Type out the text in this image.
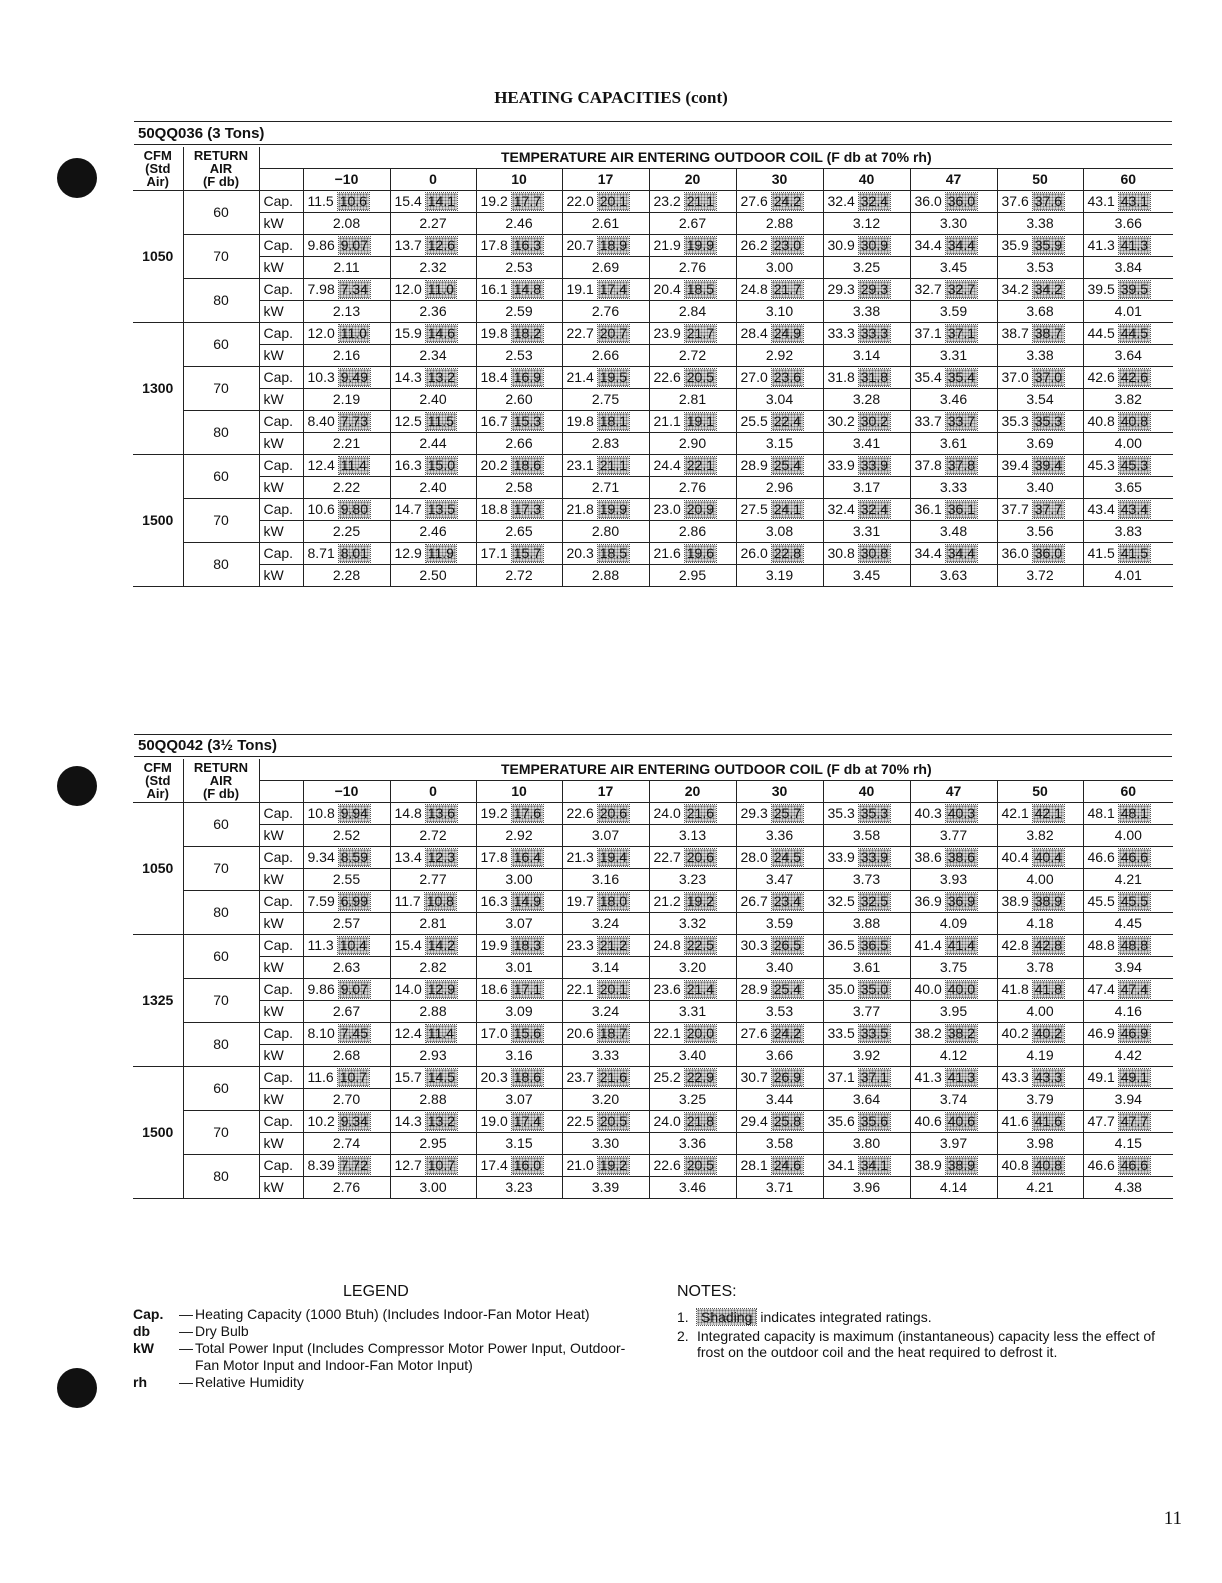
HEATING CAPACITIES (cont)
50QQ036 (3 Tons)
CFM
(Std
Air)	RETURN
AIR
(F db)	TEMPERATURE AIR ENTERING OUTDOOR COIL (F db at 70% rh)										
			−10	0	10	17	20	30	40	47	50	60
1050	60	Cap.	11.5 10.6	15.4 14.1	19.2 17.7	22.0 20.1	23.2 21.1	27.6 24.2	32.4 32.4	36.0 36.0	37.6 37.6	43.1 43.1
		kW	2.08	2.27	2.46	2.61	2.67	2.88	3.12	3.30	3.38	3.66
	70	Cap.	9.86 9.07	13.7 12.6	17.8 16.3	20.7 18.9	21.9 19.9	26.2 23.0	30.9 30.9	34.4 34.4	35.9 35.9	41.3 41.3
		kW	2.11	2.32	2.53	2.69	2.76	3.00	3.25	3.45	3.53	3.84
	80	Cap.	7.98 7.34	12.0 11.0	16.1 14.8	19.1 17.4	20.4 18.5	24.8 21.7	29.3 29.3	32.7 32.7	34.2 34.2	39.5 39.5
		kW	2.13	2.36	2.59	2.76	2.84	3.10	3.38	3.59	3.68	4.01
1300	60	Cap.	12.0 11.0	15.9 14.6	19.8 18.2	22.7 20.7	23.9 21.7	28.4 24.9	33.3 33.3	37.1 37.1	38.7 38.7	44.5 44.5
		kW	2.16	2.34	2.53	2.66	2.72	2.92	3.14	3.31	3.38	3.64
	70	Cap.	10.3 9.49	14.3 13.2	18.4 16.9	21.4 19.5	22.6 20.5	27.0 23.6	31.8 31.8	35.4 35.4	37.0 37.0	42.6 42.6
		kW	2.19	2.40	2.60	2.75	2.81	3.04	3.28	3.46	3.54	3.82
	80	Cap.	8.40 7.73	12.5 11.5	16.7 15.3	19.8 18.1	21.1 19.1	25.5 22.4	30.2 30.2	33.7 33.7	35.3 35.3	40.8 40.8
		kW	2.21	2.44	2.66	2.83	2.90	3.15	3.41	3.61	3.69	4.00
1500	60	Cap.	12.4 11.4	16.3 15.0	20.2 18.6	23.1 21.1	24.4 22.1	28.9 25.4	33.9 33.9	37.8 37.8	39.4 39.4	45.3 45.3
		kW	2.22	2.40	2.58	2.71	2.76	2.96	3.17	3.33	3.40	3.65
	70	Cap.	10.6 9.80	14.7 13.5	18.8 17.3	21.8 19.9	23.0 20.9	27.5 24.1	32.4 32.4	36.1 36.1	37.7 37.7	43.4 43.4
		kW	2.25	2.46	2.65	2.80	2.86	3.08	3.31	3.48	3.56	3.83
	80	Cap.	8.71 8.01	12.9 11.9	17.1 15.7	20.3 18.5	21.6 19.6	26.0 22.8	30.8 30.8	34.4 34.4	36.0 36.0	41.5 41.5
		kW	2.28	2.50	2.72	2.88	2.95	3.19	3.45	3.63	3.72	4.01
50QQ042 (3½ Tons)
CFM
(Std
Air)	RETURN
AIR
(F db)	TEMPERATURE AIR ENTERING OUTDOOR COIL (F db at 70% rh)										
			−10	0	10	17	20	30	40	47	50	60
1050	60	Cap.	10.8 9.94	14.8 13.6	19.2 17.6	22.6 20.6	24.0 21.6	29.3 25.7	35.3 35.3	40.3 40.3	42.1 42.1	48.1 48.1
		kW	2.52	2.72	2.92	3.07	3.13	3.36	3.58	3.77	3.82	4.00
	70	Cap.	9.34 8.59	13.4 12.3	17.8 16.4	21.3 19.4	22.7 20.6	28.0 24.5	33.9 33.9	38.6 38.6	40.4 40.4	46.6 46.6
		kW	2.55	2.77	3.00	3.16	3.23	3.47	3.73	3.93	4.00	4.21
	80	Cap.	7.59 6.99	11.7 10.8	16.3 14.9	19.7 18.0	21.2 19.2	26.7 23.4	32.5 32.5	36.9 36.9	38.9 38.9	45.5 45.5
		kW	2.57	2.81	3.07	3.24	3.32	3.59	3.88	4.09	4.18	4.45
1325	60	Cap.	11.3 10.4	15.4 14.2	19.9 18.3	23.3 21.2	24.8 22.5	30.3 26.5	36.5 36.5	41.4 41.4	42.8 42.8	48.8 48.8
		kW	2.63	2.82	3.01	3.14	3.20	3.40	3.61	3.75	3.78	3.94
	70	Cap.	9.86 9.07	14.0 12.9	18.6 17.1	22.1 20.1	23.6 21.4	28.9 25.4	35.0 35.0	40.0 40.0	41.8 41.8	47.4 47.4
		kW	2.67	2.88	3.09	3.24	3.31	3.53	3.77	3.95	4.00	4.16
	80	Cap.	8.10 7.45	12.4 11.4	17.0 15.6	20.6 18.7	22.1 20.0	27.6 24.2	33.5 33.5	38.2 38.2	40.2 40.2	46.9 46.9
		kW	2.68	2.93	3.16	3.33	3.40	3.66	3.92	4.12	4.19	4.42
1500	60	Cap.	11.6 10.7	15.7 14.5	20.3 18.6	23.7 21.6	25.2 22.9	30.7 26.9	37.1 37.1	41.3 41.3	43.3 43.3	49.1 49.1
		kW	2.70	2.88	3.07	3.20	3.25	3.44	3.64	3.74	3.79	3.94
	70	Cap.	10.2 9.34	14.3 13.2	19.0 17.4	22.5 20.5	24.0 21.8	29.4 25.8	35.6 35.6	40.6 40.6	41.6 41.6	47.7 47.7
		kW	2.74	2.95	3.15	3.30	3.36	3.58	3.80	3.97	3.98	4.15
	80	Cap.	8.39 7.72	12.7 10.7	17.4 16.0	21.0 19.2	22.6 20.5	28.1 24.6	34.1 34.1	38.9 38.9	40.8 40.8	46.6 46.6
		kW	2.76	3.00	3.23	3.39	3.46	3.71	3.96	4.14	4.21	4.38
LEGEND
Cap.	— Heating Capacity (1000 Btuh) (Includes Indoor-Fan Motor Heat)
db	— Dry Bulb
kW	— Total Power Input (Includes Compressor Motor Power Input, Outdoor-Fan Motor Input and Indoor-Fan Motor Input)
rh	— Relative Humidity
NOTES:
1. Shading indicates integrated ratings.
2. Integrated capacity is maximum (instantaneous) capacity less the effect of frost on the outdoor coil and the heat required to defrost it.
11
